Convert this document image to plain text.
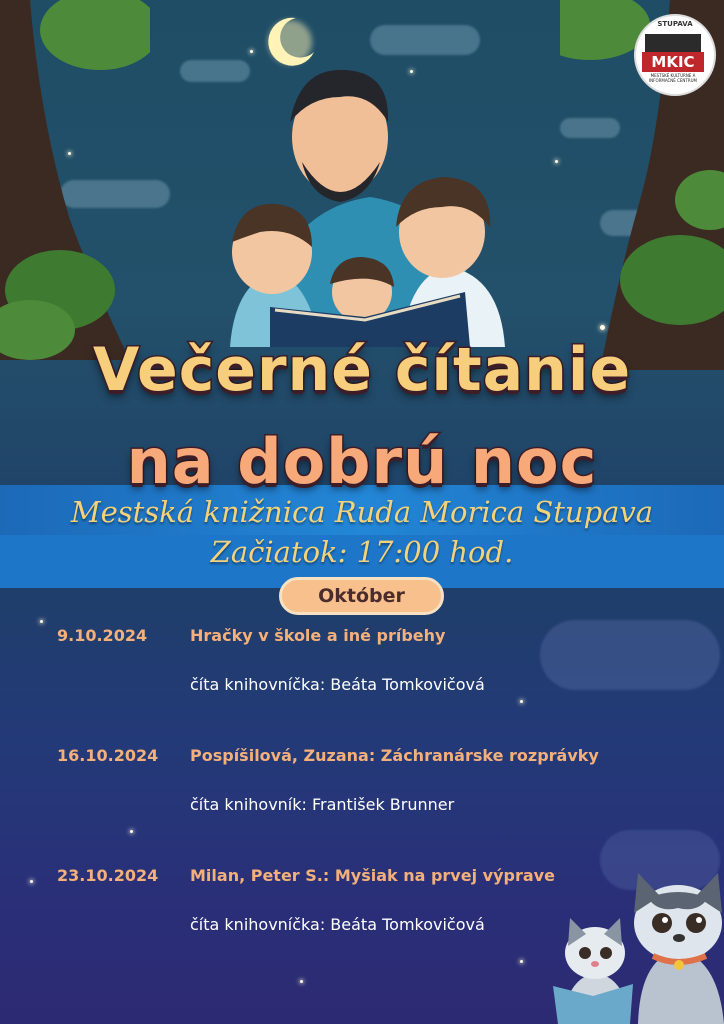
STUPAVA
MKIC
MESTSKÉ KULTÚRNE A INFORMAČNÉ CENTRUM
Večerné čítanie
na dobrú noc
Mestská knižnica Ruda Morica Stupava
Začiatok: 17:00 hod.
Október
9.10.2024	Hračky v škole a iné príbehy
číta knihovníčka: Beáta Tomkovičová
16.10.2024 Pospíšilová, Zuzana: Záchranárske rozprávky
číta knihovník: František Brunner
23.10.2024 Milan, Peter S.: Myšiak na prvej výprave
číta knihovníčka: Beáta Tomkovičová
